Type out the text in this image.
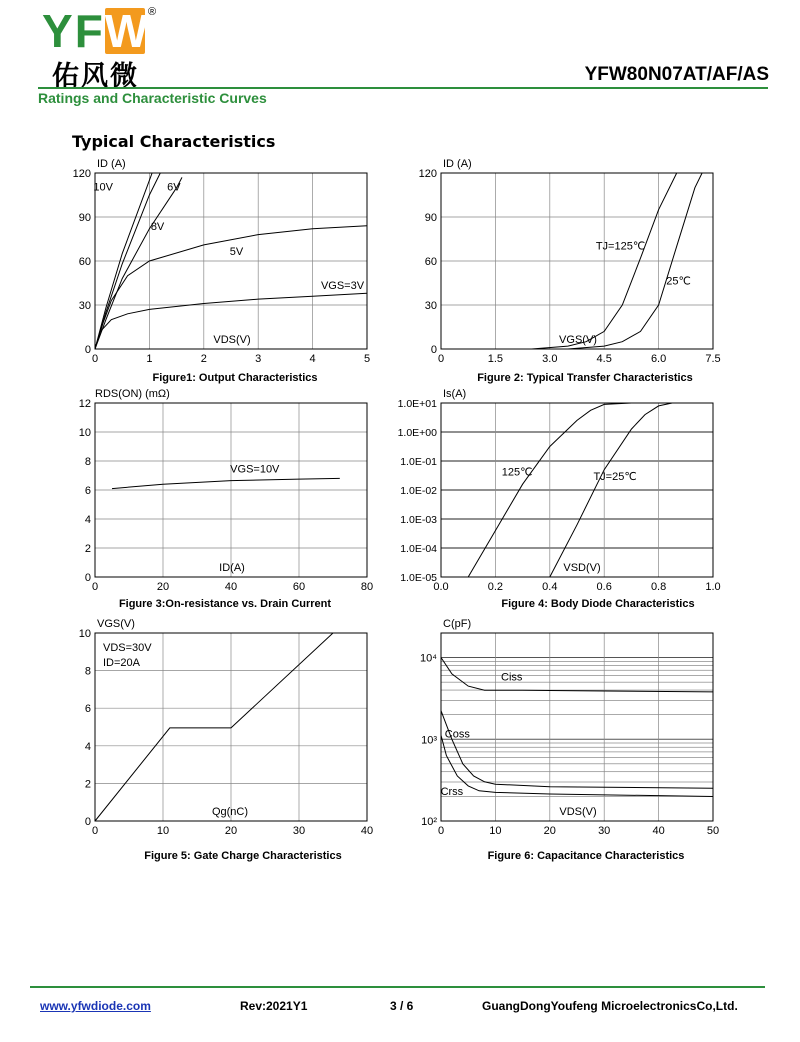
YFW
®
佑风微	YFW80N07AT/AF/AS
Ratings and Characteristic Curves
Typical Characteristics
0	1	2	3	4	5
0
30
60
90
120
ID (A)
VDS(V)
Figure1: Output Characteristics
10V	6V
8V
5V
VGS=3V
0	1.5	3.0	4.5	6.0	7.5
0
30
60
90
120
ID (A)
VGS(V)
Figure 2: Typical Transfer Characteristics
TJ=125℃
25℃
0	20	40	60	80
0
2
4
6
8
10
12
RDS(ON) (mΩ)
ID(A)
Figure 3:On-resistance vs. Drain Current
VGS=10V
0.0	0.2	0.4	0.6	0.8	1.0
1.0E-05
1.0E-04
1.0E-03
1.0E-02
1.0E-01
1.0E+00
1.0E+01
Is(A)
VSD(V)
Figure 4: Body Diode Characteristics
125℃	TJ=25℃
0	10	20	30	40
0
2
4
6
8
10
VGS(V)
Qg(nC)
Figure 5: Gate Charge Characteristics
VDS=30V
ID=20A
0	10	20	30	40	50
10²
10³
10⁴
C(pF)
VDS(V)
Figure 6: Capacitance Characteristics
Ciss
Coss
Crss
www.yfwdiode.com	Rev:2021Y1	3 / 6	GuangDongYoufeng MicroelectronicsCo,Ltd.
